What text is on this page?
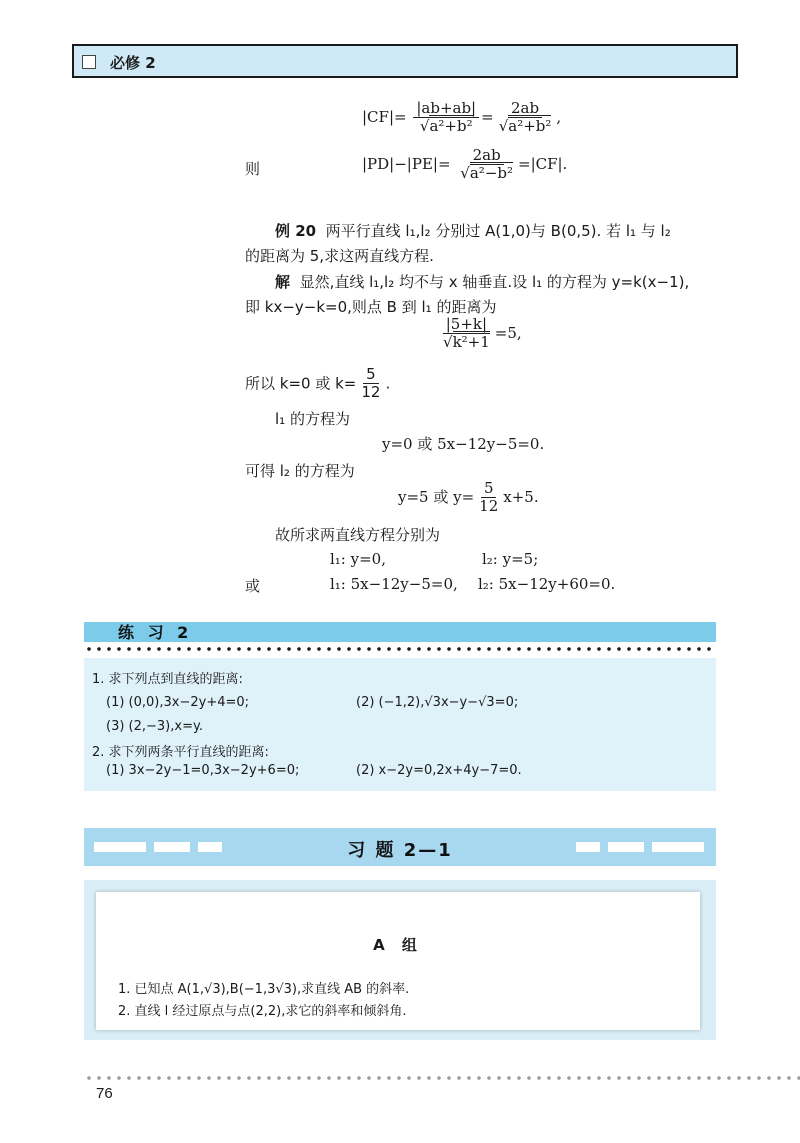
必修 2
$|CF|= \frac{|ab+ab|}{\text{√a²+b²}} = \frac{2ab}{\text{√a²+b²}}$ ,
则	$|PD|-|PE|= \frac{2ab}{\text{√a²−b²}} =|CF|$.
例 20 两平行直线 l₁,l₂ 分别过 A(1,0)与 B(0,5). 若 l₁ 与 l₂
的距离为 5,求这两直线方程.
解 显然,直线 l₁,l₂ 均不与 x 轴垂直.设 l₁ 的方程为 y=k(x−1),
即 kx−y−k=0,则点 B 到 l₁ 的距离为
$\frac{|5+k|}{\text{√k²+1}} =5$,
所以 k=0 或 $k= \frac{5}{12}$ .
l₁ 的方程为
y=0 或 5x−12y−5=0.
可得 l₂ 的方程为
y=5 或 $y= \frac{5}{12} x+5$.
故所求两直线方程分别为
l₁: y=0,	l₂: y=5;
或	l₁: 5x−12y−5=0, l₂: 5x−12y+60=0.
练 习 2
1. 求下列点到直线的距离:
(1) (0,0),3x−2y+4=0;	(2) (−1,2),√3x−y−√3=0;
(3) (2,−3),x=y.
2. 求下列两条平行直线的距离:
(1) 3x−2y−1=0,3x−2y+6=0;	(2) x−2y=0,2x+4y−7=0.
习 题 2—1
A 组
1. 已知点 A(1,√3),B(−1,3√3),求直线 AB 的斜率.
2. 直线 l 经过原点与点(2,2),求它的斜率和倾斜角.
76
